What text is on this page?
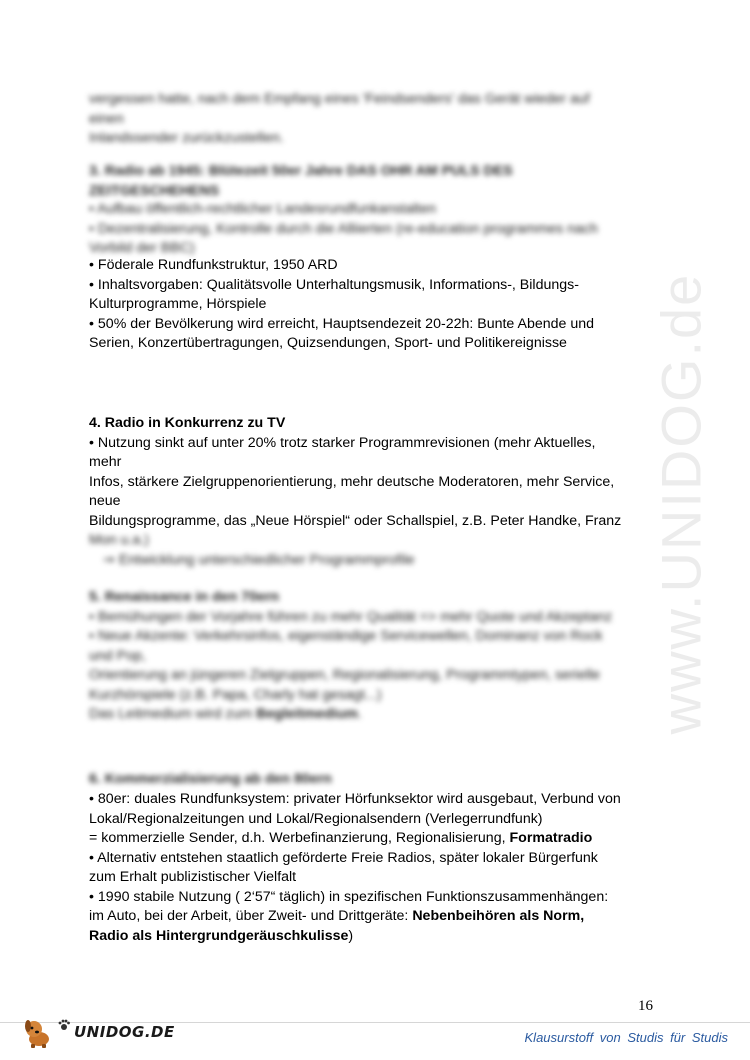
www.UNIDOG.de
vergessen hatte, nach dem Empfang eines 'Feindsenders' das Gerät wieder auf
einen
Inlandssender zurückzustellen.
3. Radio ab 1945: Blütezeit 50er Jahre DAS OHR AM PULS DES
ZEITGESCHEHENS
• Aufbau öffentlich-rechtlicher Landesrundfunkanstalten
• Dezentralisierung, Kontrolle durch die Alliierten (re-education programmes nach
Vorbild der BBC)
• Föderale Rundfunkstruktur, 1950 ARD
• Inhaltsvorgaben: Qualitätsvolle Unterhaltungsmusik, Informations-, Bildungs-
Kulturprogramme, Hörspiele
• 50% der Bevölkerung wird erreicht, Hauptsendezeit 20-22h: Bunte Abende und
Serien, Konzertübertragungen, Quizsendungen, Sport- und Politikereignisse
4. Radio in Konkurrenz zu TV
• Nutzung sinkt auf unter 20% trotz starker Programmrevisionen (mehr Aktuelles,
mehr
Infos, stärkere Zielgruppenorientierung, mehr deutsche Moderatoren, mehr Service,
neue
Bildungsprogramme, das „Neue Hörspiel“ oder Schallspiel, z.B. Peter Handke, Franz
Mon u.a.)
⇒ Entwicklung unterschiedlicher Programmprofile
5. Renaissance in den 70ern
• Bemühungen der Vorjahre führen zu mehr Qualität => mehr Quote und Akzeptanz
• Neue Akzente: Verkehrsinfos, eigenständige Servicewellen, Dominanz von Rock
und Pop,
Orientierung an jüngeren Zielgruppen, Regionalisierung, Programmtypen, serielle
Kurzhörspiele (z.B. Papa, Charly hat gesagt...)
Das Leitmedium wird zum Begleitmedium.
6. Kommerzialisierung ab den 80ern
• 80er: duales Rundfunksystem: privater Hörfunksektor wird ausgebaut, Verbund von
Lokal/Regionalzeitungen und Lokal/Regionalsendern (Verlegerrundfunk)
= kommerzielle Sender, d.h. Werbefinanzierung, Regionalisierung, Formatradio
• Alternativ entstehen staatlich geförderte Freie Radios, später lokaler Bürgerfunk
zum Erhalt publizistischer Vielfalt
• 1990 stabile Nutzung ( 2‘57“ täglich) in spezifischen Funktionszusammenhängen:
im Auto, bei der Arbeit, über Zweit- und Drittgeräte: Nebenbeihören als Norm,
Radio als Hintergrundgeräuschkulisse)
16
UNIDOG.DE	Klausurstoff von Studis für Studis
